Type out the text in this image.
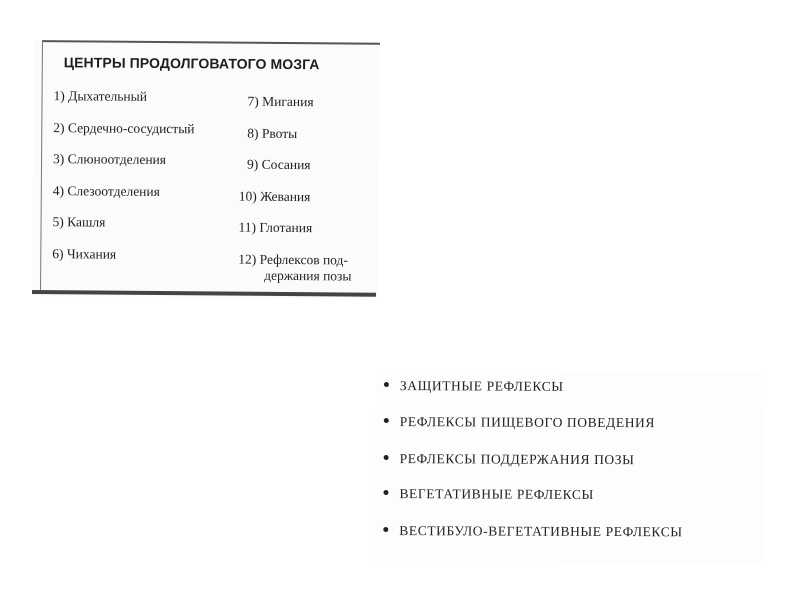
ЦЕНТРЫ ПРОДОЛГОВАТОГО МОЗГА
1) Дыхательный
2) Сердечно-сосудистый
3) Слюноотделения
4) Слезоотделения
5) Кашля
6) Чихания
7) Мигания
8) Рвоты
9) Сосания
10) Жевания
11) Глотания
12) Рефлексов под-
держания позы
ЗАЩИТНЫЕ РЕФЛЕКСЫ
РЕФЛЕКСЫ ПИЩЕВОГО ПОВЕДЕНИЯ
РЕФЛЕКСЫ ПОДДЕРЖАНИЯ ПОЗЫ
ВЕГЕТАТИВНЫЕ РЕФЛЕКСЫ
ВЕСТИБУЛО-ВЕГЕТАТИВНЫЕ РЕФЛЕКСЫ
